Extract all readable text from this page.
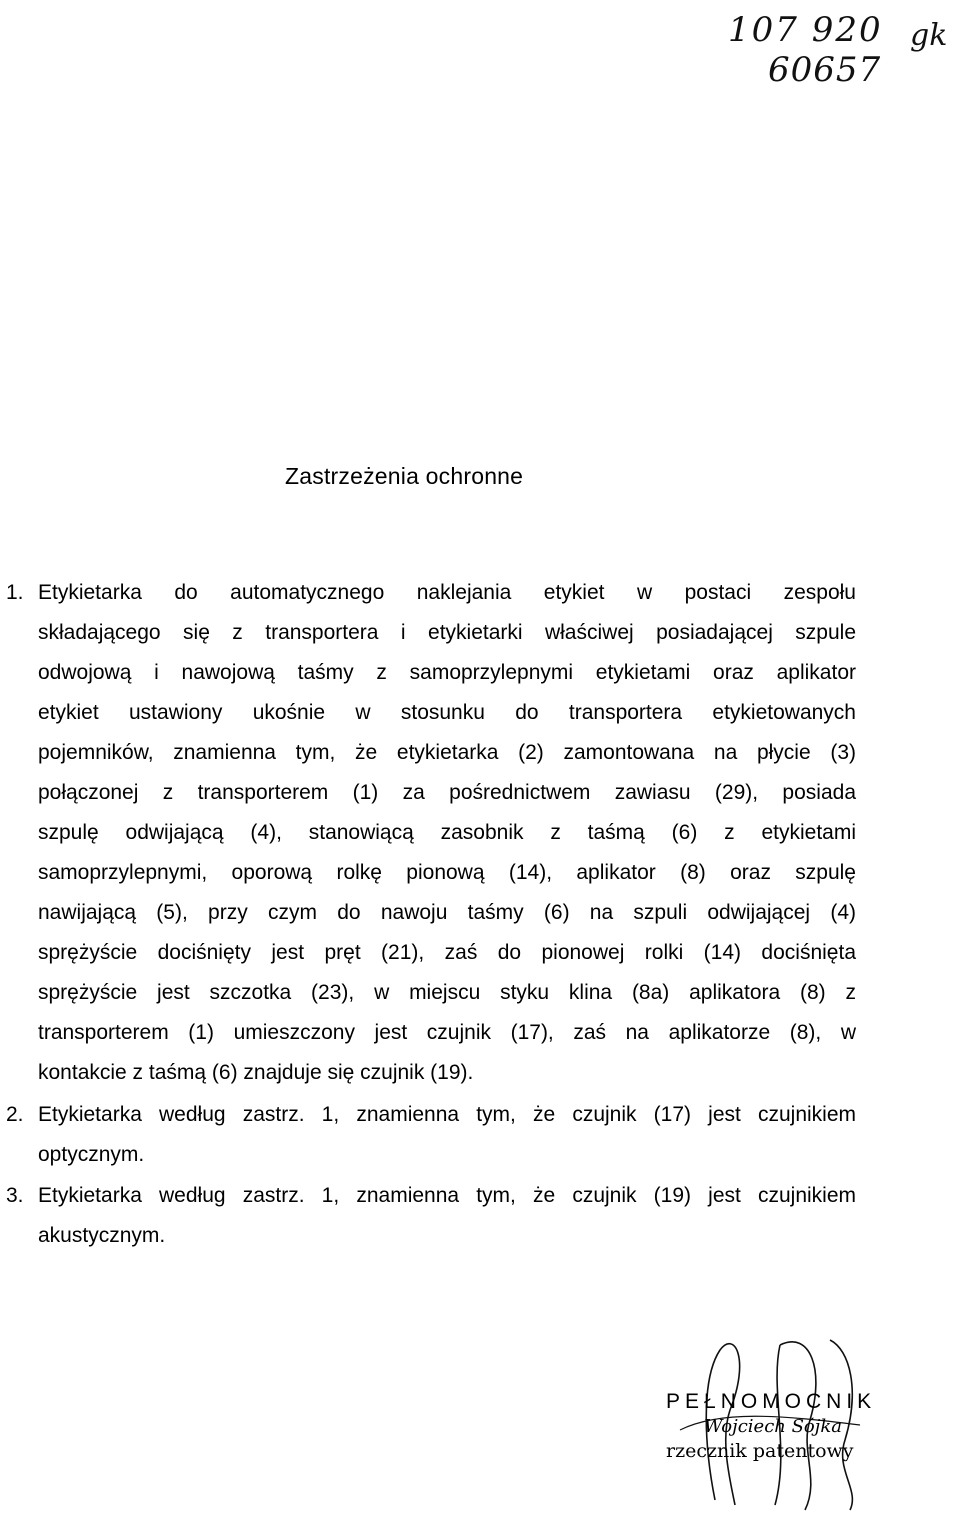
107 920
60657
gk
Zastrzeżenia ochronne
1. Etykietarka do automatycznego naklejania etykiet w postaci zespołu
składającego się z transportera i etykietarki właściwej posiadającej szpule
odwojową i nawojową taśmy z samoprzylepnymi etykietami oraz aplikator
etykiet ustawiony ukośnie w stosunku do transportera etykietowanych
pojemników, znamienna tym, że etykietarka (2) zamontowana na płycie (3)
połączonej z transporterem (1) za pośrednictwem zawiasu (29), posiada
szpulę odwijającą (4), stanowiącą zasobnik z taśmą (6) z etykietami
samoprzylepnymi, oporową rolkę pionową (14), aplikator (8) oraz szpulę
nawijającą (5), przy czym do nawoju taśmy (6) na szpuli odwijającej (4)
sprężyście dociśnięty jest pręt (21), zaś do pionowej rolki (14) dociśnięta
sprężyście jest szczotka (23), w miejscu styku klina (8a) aplikatora (8) z
transporterem (1) umieszczony jest czujnik (17), zaś na aplikatorze (8), w
kontakcie z taśmą (6) znajduje się czujnik (19).
2. Etykietarka według zastrz. 1, znamienna tym, że czujnik (17) jest czujnikiem
optycznym.
3. Etykietarka według zastrz. 1, znamienna tym, że czujnik (19) jest czujnikiem
akustycznym.
PEŁNOMOCNIK
Wojciech Sójka
rzecznik patentowy
